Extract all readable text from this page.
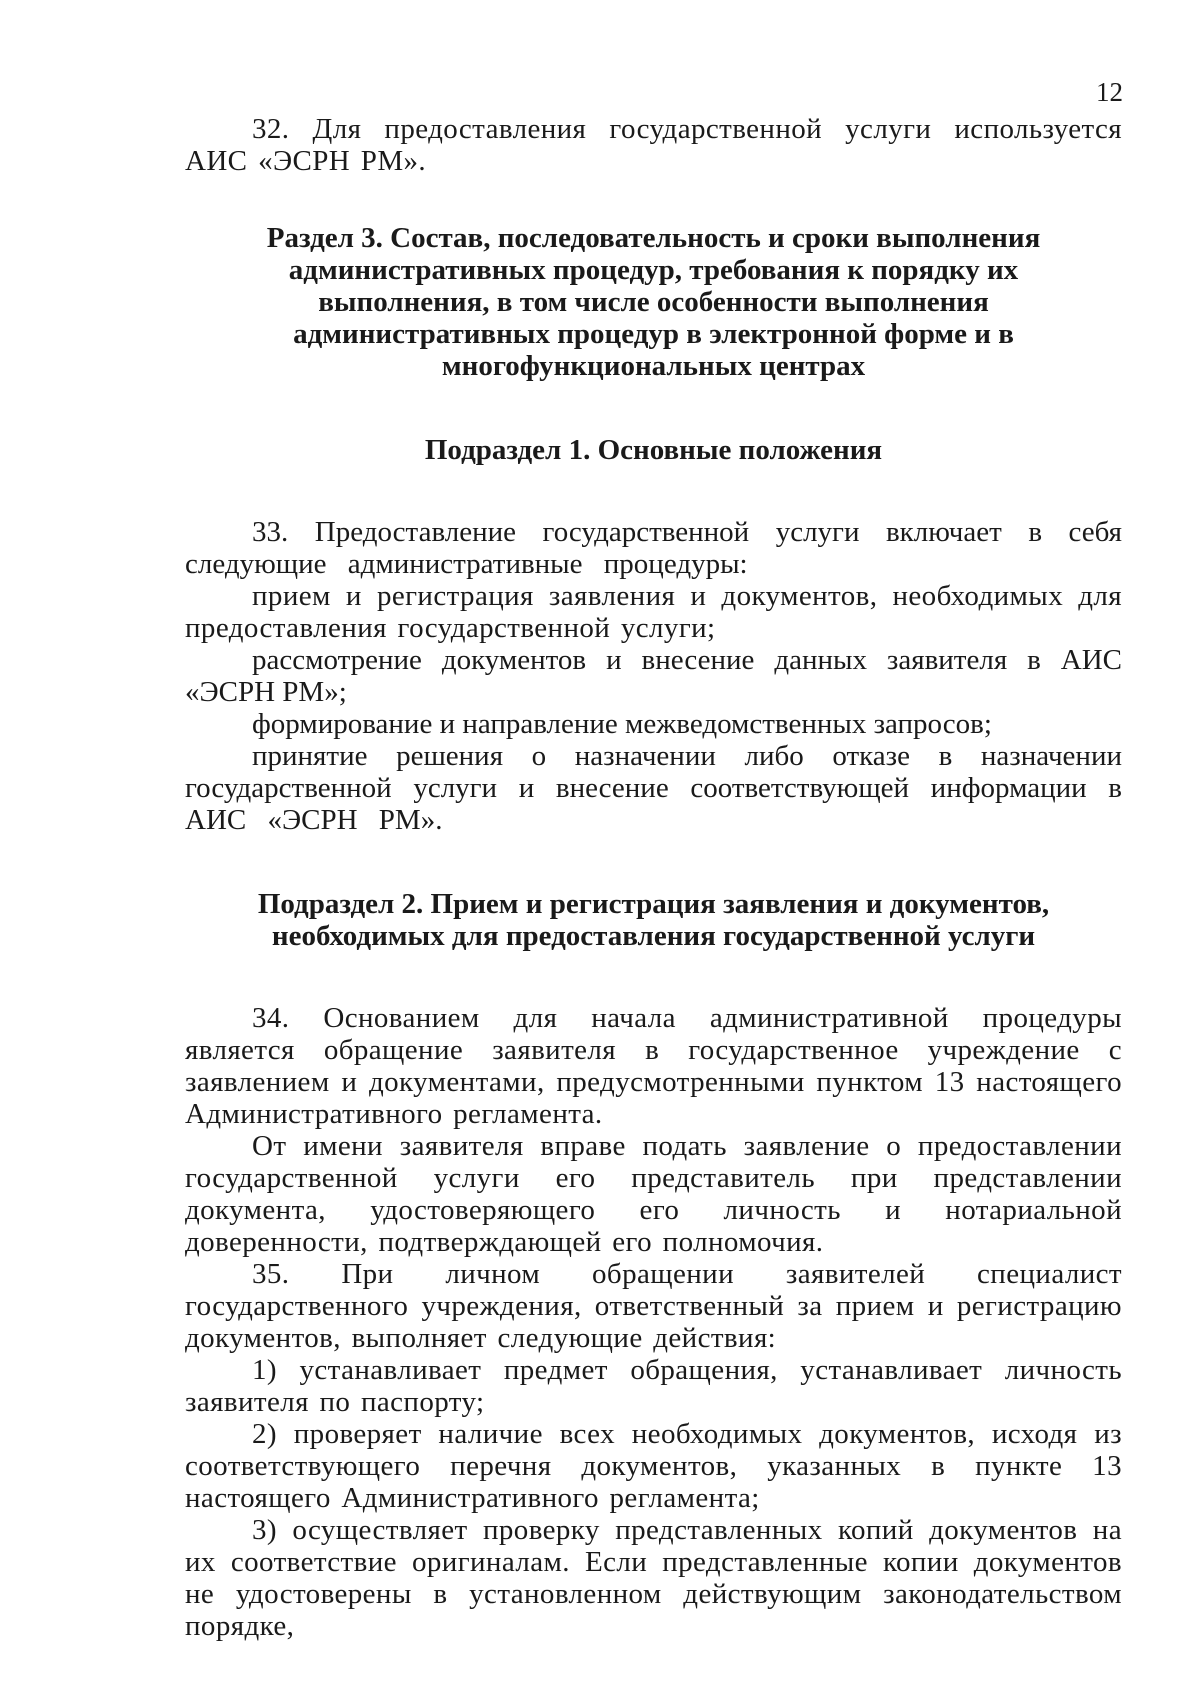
12

32. Для предоставления государственной услуги используется АИС «ЭСРН РМ».

Раздел 3. Состав, последовательность и сроки выполнения административных процедур, требования к порядку их выполнения, в том числе особенности выполнения административных процедур в электронной форме и в многофункциональных центрах

Подраздел 1. Основные положения

33. Предоставление государственной услуги включает в себя следующие административные процедуры:

прием и регистрация заявления и документов, необходимых для предоставления государственной услуги;

рассмотрение документов и внесение данных заявителя в АИС «ЭСРН РМ»;

формирование и направление межведомственных запросов;

принятие решения о назначении либо отказе в назначении государственной услуги и внесение соответствующей информации в АИС «ЭСРН РМ».

Подраздел 2. Прием и регистрация заявления и документов, необходимых для предоставления государственной услуги

34. Основанием для начала административной процедуры является обращение заявителя в государственное учреждение с заявлением и документами, предусмотренными пунктом 13 настоящего Административного регламента.

От имени заявителя вправе подать заявление о предоставлении государственной услуги его представитель при представлении документа, удостоверяющего его личность и нотариальной доверенности, подтверждающей его полномочия.

35. При личном обращении заявителей специалист государственного учреждения, ответственный за прием и регистрацию документов, выполняет следующие действия:

1) устанавливает предмет обращения, устанавливает личность заявителя по паспорту;

2) проверяет наличие всех необходимых документов, исходя из соответствующего перечня документов, указанных в пункте 13 настоящего Административного регламента;

3) осуществляет проверку представленных копий документов на их соответствие оригиналам. Если представленные копии документов не удостоверены в установленном действующим законодательством порядке,
